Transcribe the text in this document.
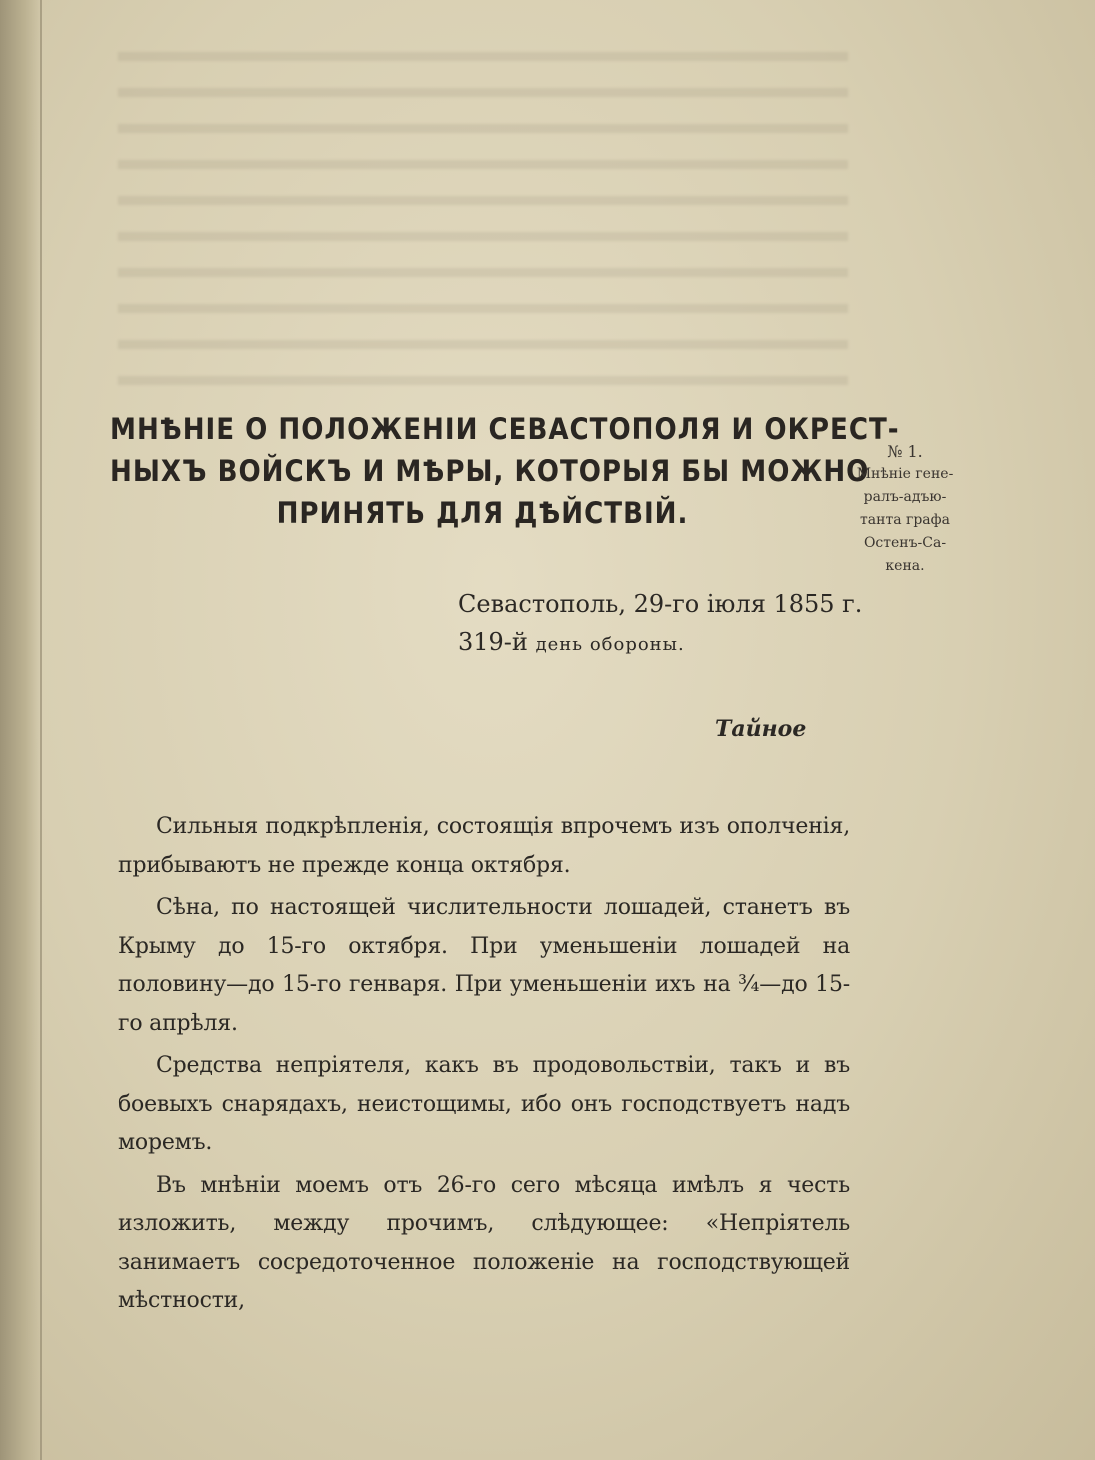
МНѢНІЕ О ПОЛОЖЕНІИ СЕВАСТОПОЛЯ И ОКРЕСТ-
НЫХЪ ВОЙСКЪ И МѢРЫ, КОТОРЫЯ БЫ МОЖНО
ПРИНЯТЬ ДЛЯ ДѢЙСТВІЙ.
№ 1.
Мнѣніе гене-
ралъ-адъю-
танта графа
Остенъ-Са-
кена.
Севастополь, 29-го іюля 1855 г.
319-й день обороны.
Тайное

Сильныя подкрѣпленія, состоящія впрочемъ изъ ополченія, прибываютъ не прежде конца октября.

Сѣна, по настоящей числительности лошадей, станетъ въ Крыму до 15-го октября. При уменьшеніи лошадей на половину—до 15-го генваря. При уменьшеніи ихъ на ¾—до 15-го апрѣля.

Средства непріятеля, какъ въ продовольствіи, такъ и въ боевыхъ снарядахъ, неистощимы, ибо онъ господствуетъ надъ моремъ.

Въ мнѣніи моемъ отъ 26-го сего мѣсяца имѣлъ я честь изложить, между прочимъ, слѣдующее: «Непріятель занимаетъ сосредоточенное положеніе на господствующей мѣстности,
